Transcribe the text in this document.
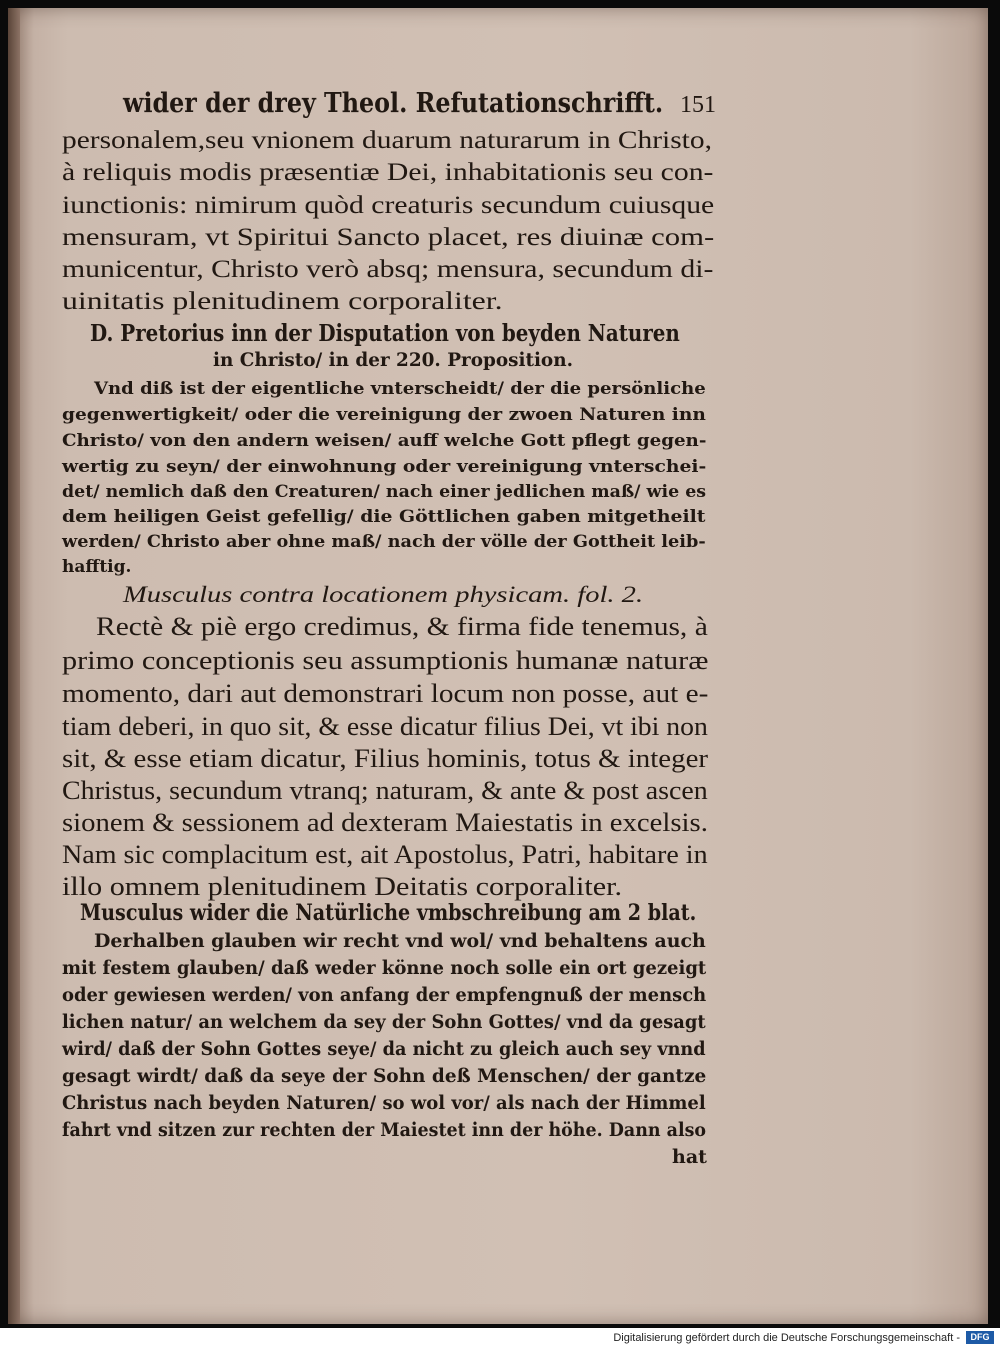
wider der drey Theol. Refutationschrifft. 151
personalem,seu vnionem duarum naturarum in Christo,
à reliquis modis præsentiæ Dei, inhabitationis seu con-
iunctionis: nimirum quòd creaturis secundum cuiusque
mensuram, vt Spiritui Sancto placet, res diuinæ com-
municentur, Christo verò absq; mensura, secundum di-
uinitatis plenitudinem corporaliter.
D. Pretorius inn der Disputation von beyden Naturen
in Christo/ in der 220. Proposition.
Vnd diß ist der eigentliche vnterscheidt/ der die persönliche
gegenwertigkeit/ oder die vereinigung der zwoen Naturen inn
Christo/ von den andern weisen/ auff welche Gott pflegt gegen-
wertig zu seyn/ der einwohnung oder vereinigung vnterschei-
det/ nemlich daß den Creaturen/ nach einer jedlichen maß/ wie es
dem heiligen Geist gefellig/ die Göttlichen gaben mitgetheilt
werden/ Christo aber ohne maß/ nach der völle der Gottheit leib-
hafftig.
Musculus contra locationem physicam. fol. 2.
Rectè & piè ergo credimus, & firma fide tenemus, à
primo conceptionis seu assumptionis humanæ naturæ
momento, dari aut demonstrari locum non posse, aut e-
tiam deberi, in quo sit, & esse dicatur filius Dei, vt ibi non
sit, & esse etiam dicatur, Filius hominis, totus & integer
Christus, secundum vtranq; naturam, & ante & post ascen
sionem & sessionem ad dexteram Maiestatis in excelsis.
Nam sic complacitum est, ait Apostolus, Patri, habitare in
illo omnem plenitudinem Deitatis corporaliter.
Musculus wider die Natürliche vmbschreibung am 2 blat.
Derhalben glauben wir recht vnd wol/ vnd behaltens auch
mit festem glauben/ daß weder könne noch solle ein ort gezeigt
oder gewiesen werden/ von anfang der empfengnuß der mensch
lichen natur/ an welchem da sey der Sohn Gottes/ vnd da gesagt
wird/ daß der Sohn Gottes seye/ da nicht zu gleich auch sey vnnd
gesagt wirdt/ daß da seye der Sohn deß Menschen/ der gantze
Christus nach beyden Naturen/ so wol vor/ als nach der Himmel
fahrt vnd sitzen zur rechten der Maiestet inn der höhe. Dann also
hat
Digitalisierung gefördert durch die Deutsche Forschungsgemeinschaft -	DFG
